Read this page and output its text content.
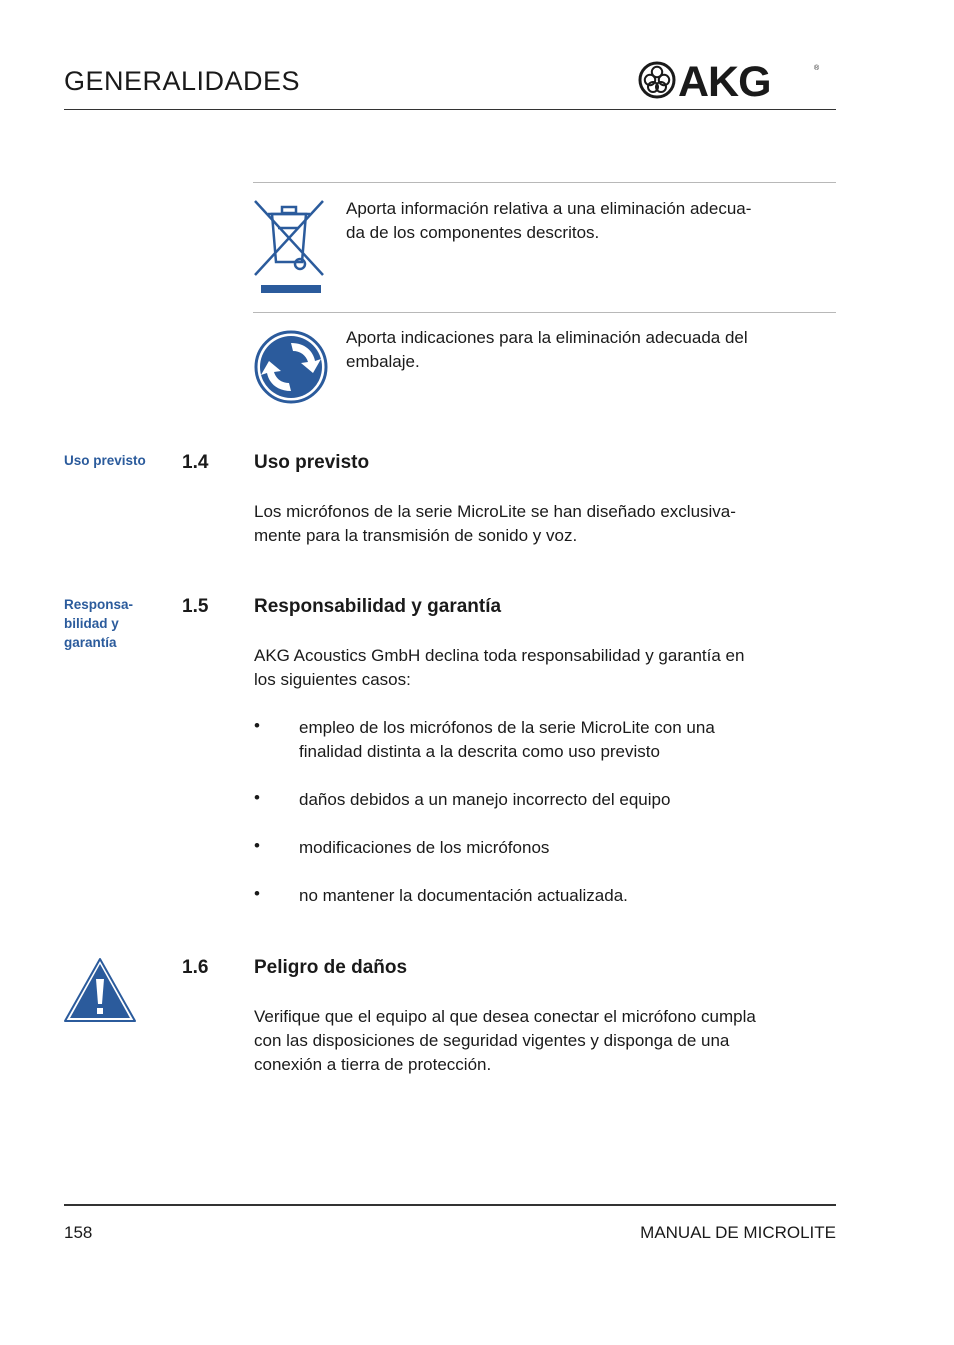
GENERALIDADES	AKG	®
Aporta información relativa a una eliminación adecua-
da de los componentes descritos.
Aporta indicaciones para la eliminación adecuada del
embalaje.
Uso previsto 1.4 Uso previsto
Los micrófonos de la serie MicroLite se han diseñado exclusiva-
mente para la transmisión de sonido y voz.
Responsa-
bilidad y
garantía
1.5 Responsabilidad y garantía
AKG Acoustics GmbH declina toda responsabilidad y garantía en
los siguientes casos:
• empleo de los micrófonos de la serie MicroLite con una
finalidad distinta a la descrita como uso previsto
• daños debidos a un manejo incorrecto del equipo
• modificaciones de los micrófonos
• no mantener la documentación actualizada.
1.6 Peligro de daños
Verifique que el equipo al que desea conectar el micrófono cumpla
con las disposiciones de seguridad vigentes y disponga de una
conexión a tierra de protección.
158	MANUAL DE MICROLITE
